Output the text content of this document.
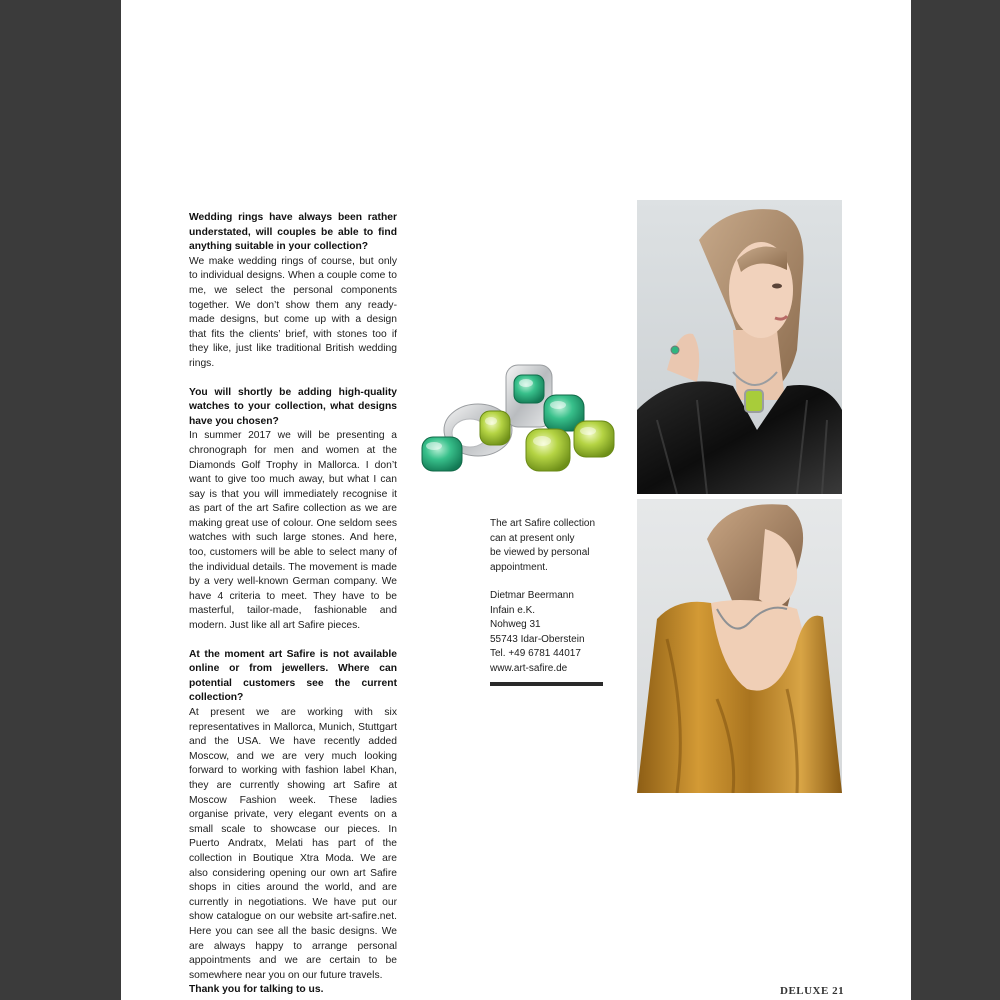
Wedding rings have always been rather understated, will couples be able to find anything suitable in your collection?

We make wedding rings of course, but only to individual designs. When a couple come to me, we select the personal components together. We don’t show them any ready-made designs, but come up with a design that fits the clients’ brief, with stones too if they like, just like traditional British wedding rings.

You will shortly be adding high-quality watches to your collection, what designs have you chosen?

In summer 2017 we will be presenting a chronograph for men and women at the Diamonds Golf Trophy in Mallorca. I don’t want to give too much away, but what I can say is that you will immediately recognise it as part of the art Safire collection as we are making great use of colour. One seldom sees watches with such large stones. And here, too, customers will be able to select many of the individual details. The movement is made by a very well-known German company. We have 4 criteria to meet. They have to be masterful, tailor-made, fashionable and modern. Just like all art Safire pieces.

At the moment art Safire is not available online or from jewellers. Where can potential customers see the current collection?

At present we are working with six representatives in Mallorca, Munich, Stuttgart and the USA. We have recently added Moscow, and we are very much looking forward to working with fashion label Khan, they are currently showing art Safire at Moscow Fashion week. These ladies organise private, very elegant events on a small scale to showcase our pieces. In Puerto Andratx, Melati has part of the collection in Boutique Xtra Moda. We are also considering opening our own art Safire shops in cities around the world, and are currently in negotiations. We have put our show catalogue on our website art-safire.net. Here you can see all the basic designs. We are always happy to arrange personal appointments and we are certain to be somewhere near you on our future travels.

Thank you for talking to us.

The art Safire collection

can at present only

be viewed by personal

appointment.

Dietmar Beermann

Infain e.K.

Nohweg 31

55743 Idar-Oberstein

Tel. +49 6781 44017

www.art-safire.de

DELUXE 21
